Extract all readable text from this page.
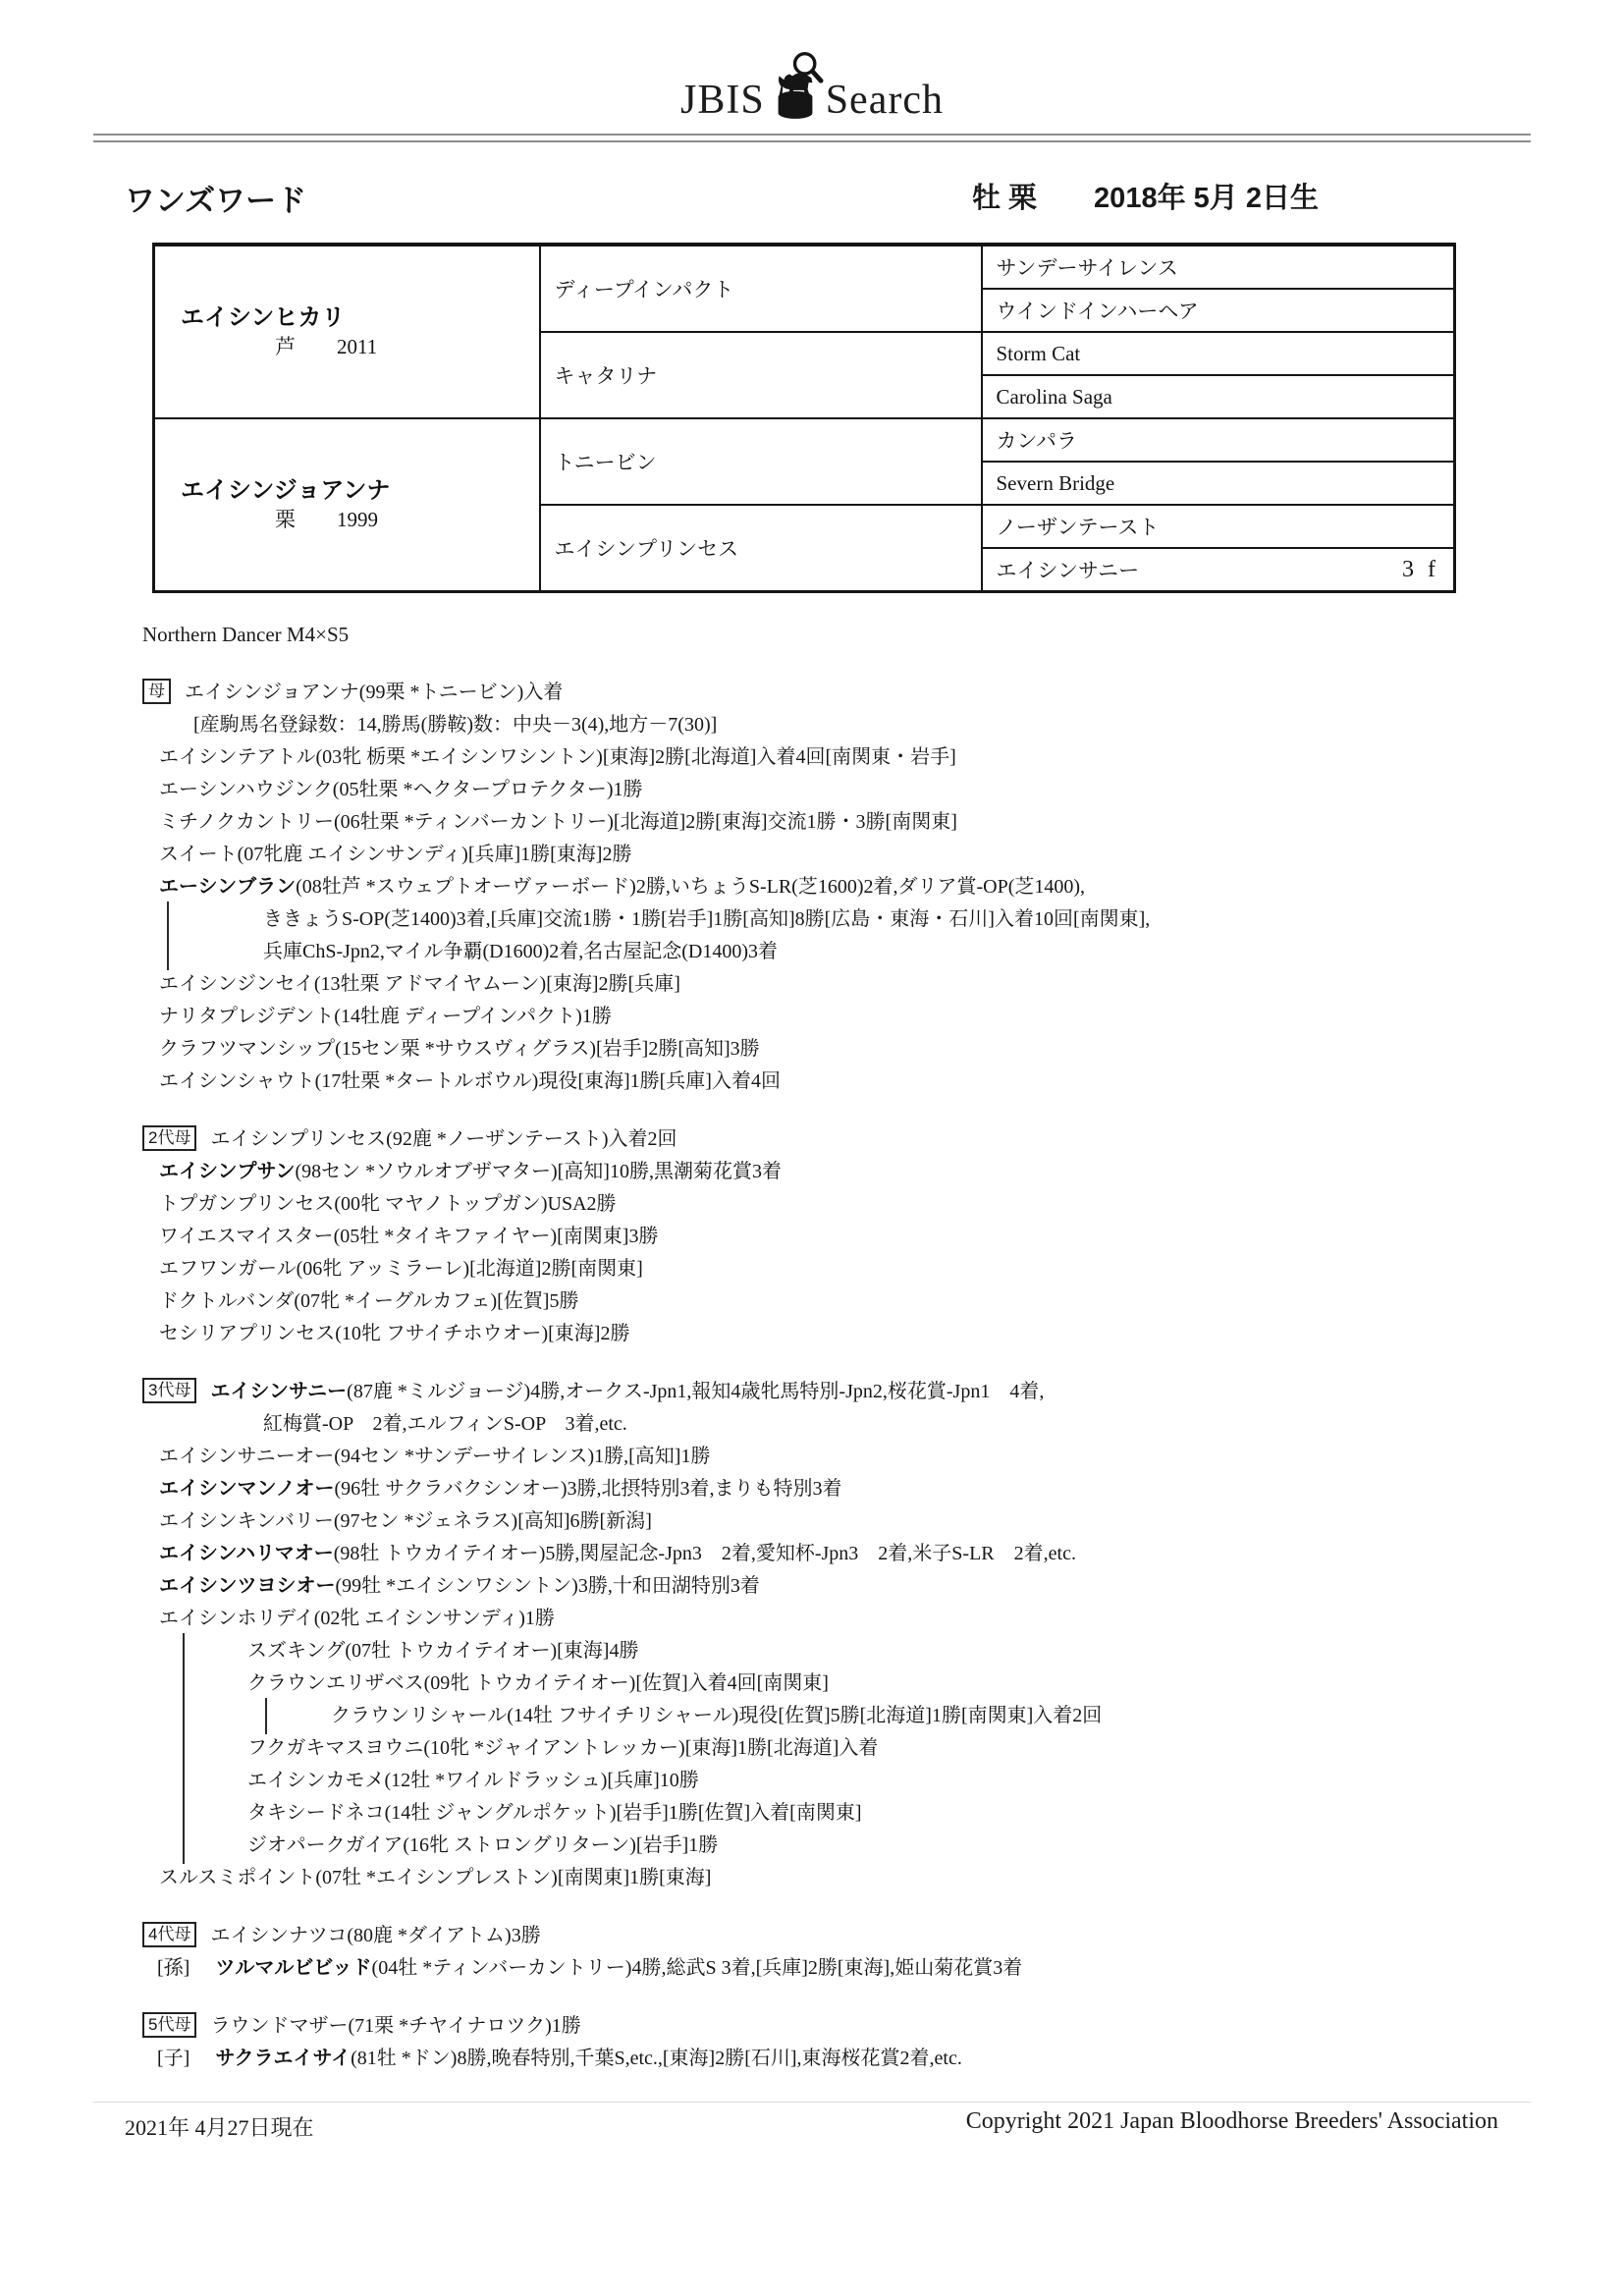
JBIS Search
ワンズワード	牡 栗　　2018年 5月 2日生
エイシンヒカリ
芦　　2011	ディープインパクト	サンデーサイレンス
		ウインドインハーヘア
	キャタリナ	Storm Cat
		Carolina Saga

エイシンジョアンナ
栗　　1999	トニービン	カンパラ
		Severn Bridge
	エイシンプリンセス	ノーザンテースト

		エイシンサニー 3 f
Northern Dancer M4×S5
母 エイシンジョアンナ(99栗 *トニービン)入着
[産駒馬名登録数：14,勝馬(勝鞍)数：中央－3(4),地方－7(30)]
エイシンテアトル(03牝 栃栗 *エイシンワシントン)[東海]2勝[北海道]入着4回[南関東・岩手]
エーシンハウジンク(05牡栗 *ヘクタープロテクター)1勝
ミチノクカントリー(06牡栗 *ティンバーカントリー)[北海道]2勝[東海]交流1勝・3勝[南関東]
スイート(07牝鹿 エイシンサンディ)[兵庫]1勝[東海]2勝
エーシンブラン(08牡芦 *スウェプトオーヴァーボード)2勝,いちょうS-LR(芝1600)2着,ダリア賞-OP(芝1400),
ききょうS-OP(芝1400)3着,[兵庫]交流1勝・1勝[岩手]1勝[高知]8勝[広島・東海・石川]入着10回[南関東],
兵庫ChS-Jpn2,マイル争覇(D1600)2着,名古屋記念(D1400)3着
エイシンジンセイ(13牡栗 アドマイヤムーン)[東海]2勝[兵庫]
ナリタプレジデント(14牡鹿 ディープインパクト)1勝
クラフツマンシップ(15セン栗 *サウスヴィグラス)[岩手]2勝[高知]3勝
エイシンシャウト(17牡栗 *タートルボウル)現役[東海]1勝[兵庫]入着4回
2代母 エイシンプリンセス(92鹿 *ノーザンテースト)入着2回
エイシンプサン(98セン *ソウルオブザマター)[高知]10勝,黒潮菊花賞3着
トプガンプリンセス(00牝 マヤノトップガン)USA2勝
ワイエスマイスター(05牡 *タイキファイヤー)[南関東]3勝
エフワンガール(06牝 アッミラーレ)[北海道]2勝[南関東]
ドクトルバンダ(07牝 *イーグルカフェ)[佐賀]5勝
セシリアプリンセス(10牝 フサイチホウオー)[東海]2勝
3代母 エイシンサニー(87鹿 *ミルジョージ)4勝,オークス-Jpn1,報知4歳牝馬特別-Jpn2,桜花賞-Jpn1　4着,
紅梅賞-OP　2着,エルフィンS-OP　3着,etc.
エイシンサニーオー(94セン *サンデーサイレンス)1勝,[高知]1勝
エイシンマンノオー(96牡 サクラバクシンオー)3勝,北摂特別3着,まりも特別3着
エイシンキンバリー(97セン *ジェネラス)[高知]6勝[新潟]
エイシンハリマオー(98牡 トウカイテイオー)5勝,関屋記念-Jpn3　2着,愛知杯-Jpn3　2着,米子S-LR　2着,etc.
エイシンツヨシオー(99牡 *エイシンワシントン)3勝,十和田湖特別3着
エイシンホリデイ(02牝 エイシンサンディ)1勝
スズキング(07牡 トウカイテイオー)[東海]4勝
クラウンエリザベス(09牝 トウカイテイオー)[佐賀]入着4回[南関東]
クラウンリシャール(14牡 フサイチリシャール)現役[佐賀]5勝[北海道]1勝[南関東]入着2回
フクガキマスヨウニ(10牝 *ジャイアントレッカー)[東海]1勝[北海道]入着
エイシンカモメ(12牡 *ワイルドラッシュ)[兵庫]10勝
タキシードネコ(14牡 ジャングルポケット)[岩手]1勝[佐賀]入着[南関東]
ジオパークガイア(16牝 ストロングリターン)[岩手]1勝
スルスミポイント(07牡 *エイシンプレストン)[南関東]1勝[東海]
4代母 エイシンナツコ(80鹿 *ダイアトム)3勝
[孫] ツルマルビビッド(04牡 *ティンバーカントリー)4勝,総武S 3着,[兵庫]2勝[東海],姫山菊花賞3着
5代母 ラウンドマザー(71栗 *チヤイナロツク)1勝
[子] サクラエイサイ(81牡 *ドン)8勝,晩春特別,千葉S,etc.,[東海]2勝[石川],東海桜花賞2着,etc.
2021年 4月27日現在	Copyright 2021 Japan Bloodhorse Breeders' Association
